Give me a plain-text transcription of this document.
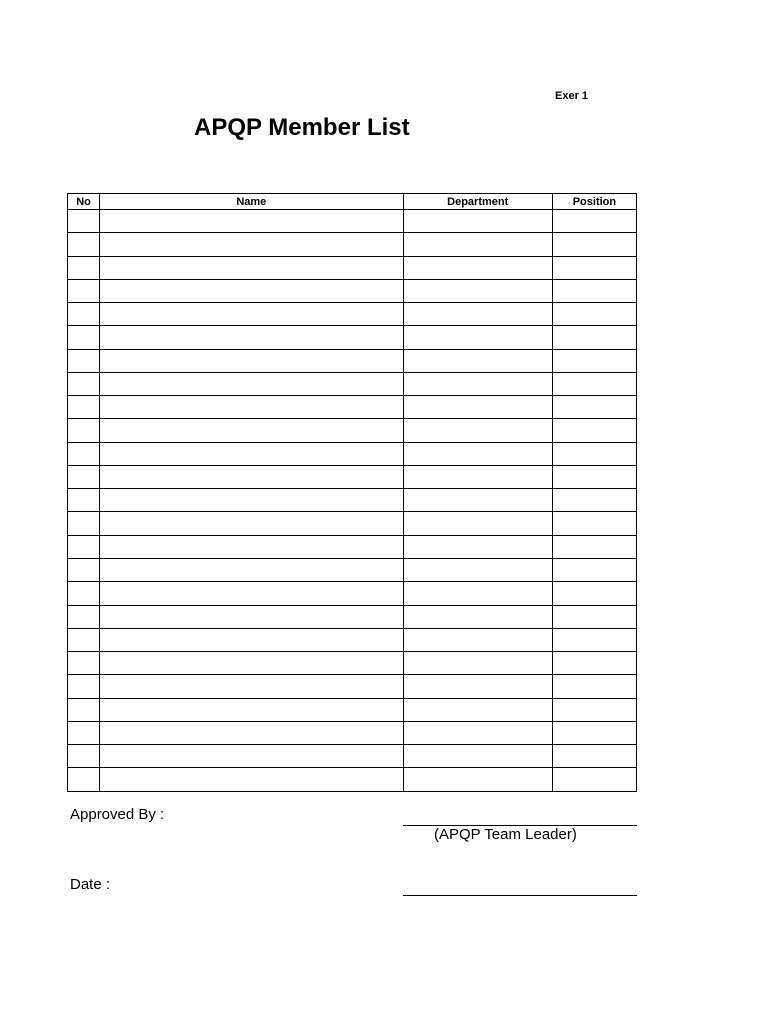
Exer 1
APQP Member List
No	Name	Department	Position

Approved By :
(APQP Team Leader)
Date :
